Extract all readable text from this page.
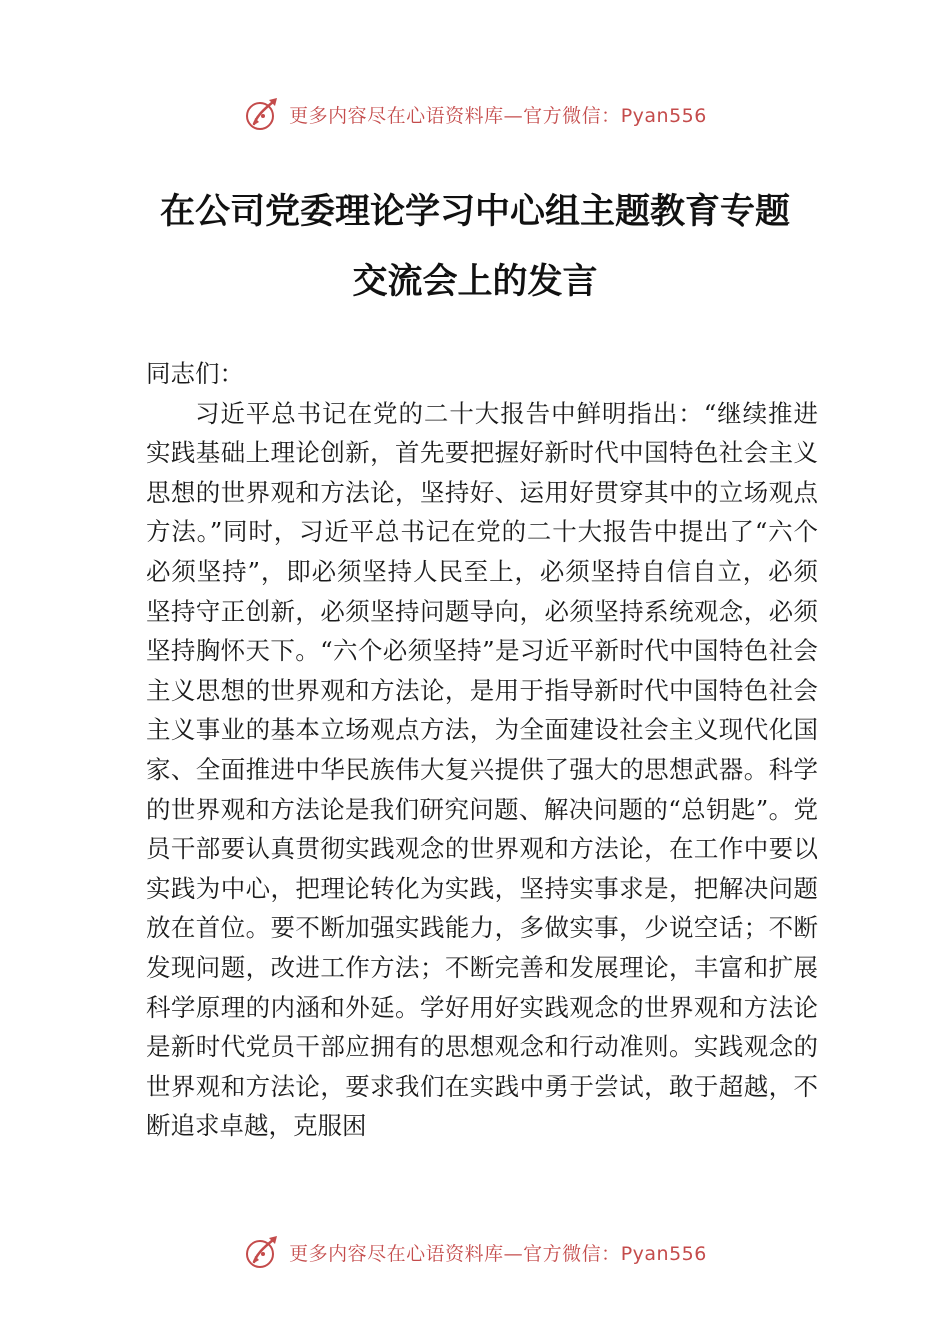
更多内容尽在心语资料库—官方微信：Pyan556
在公司党委理论学习中心组主题教育专题
交流会上的发言

同志们：

习近平总书记在党的二十大报告中鲜明指出：“继续推进实践基础上理论创新，首先要把握好新时代中国特色社会主义思想的世界观和方法论，坚持好、运用好贯穿其中的立场观点方法。”同时，习近平总书记在党的二十大报告中提出了“六个必须坚持”，即必须坚持人民至上，必须坚持自信自立，必须坚持守正创新，必须坚持问题导向，必须坚持系统观念，必须坚持胸怀天下。“六个必须坚持”是习近平新时代中国特色社会主义思想的世界观和方法论，是用于指导新时代中国特色社会主义事业的基本立场观点方法，为全面建设社会主义现代化国家、全面推进中华民族伟大复兴提供了强大的思想武器。科学的世界观和方法论是我们研究问题、解决问题的“总钥匙”。党员干部要认真贯彻实践观念的世界观和方法论，在工作中要以实践为中心，把理论转化为实践，坚持实事求是，把解决问题放在首位。要不断加强实践能力，多做实事，少说空话；不断发现问题，改进工作方法；不断完善和发展理论，丰富和扩展科学原理的内涵和外延。学好用好实践观念的世界观和方法论是新时代党员干部应拥有的思想观念和行动准则。实践观念的世界观和方法论，要求我们在实践中勇于尝试，敢于超越，不断追求卓越，克服困

更多内容尽在心语资料库—官方微信：Pyan556
